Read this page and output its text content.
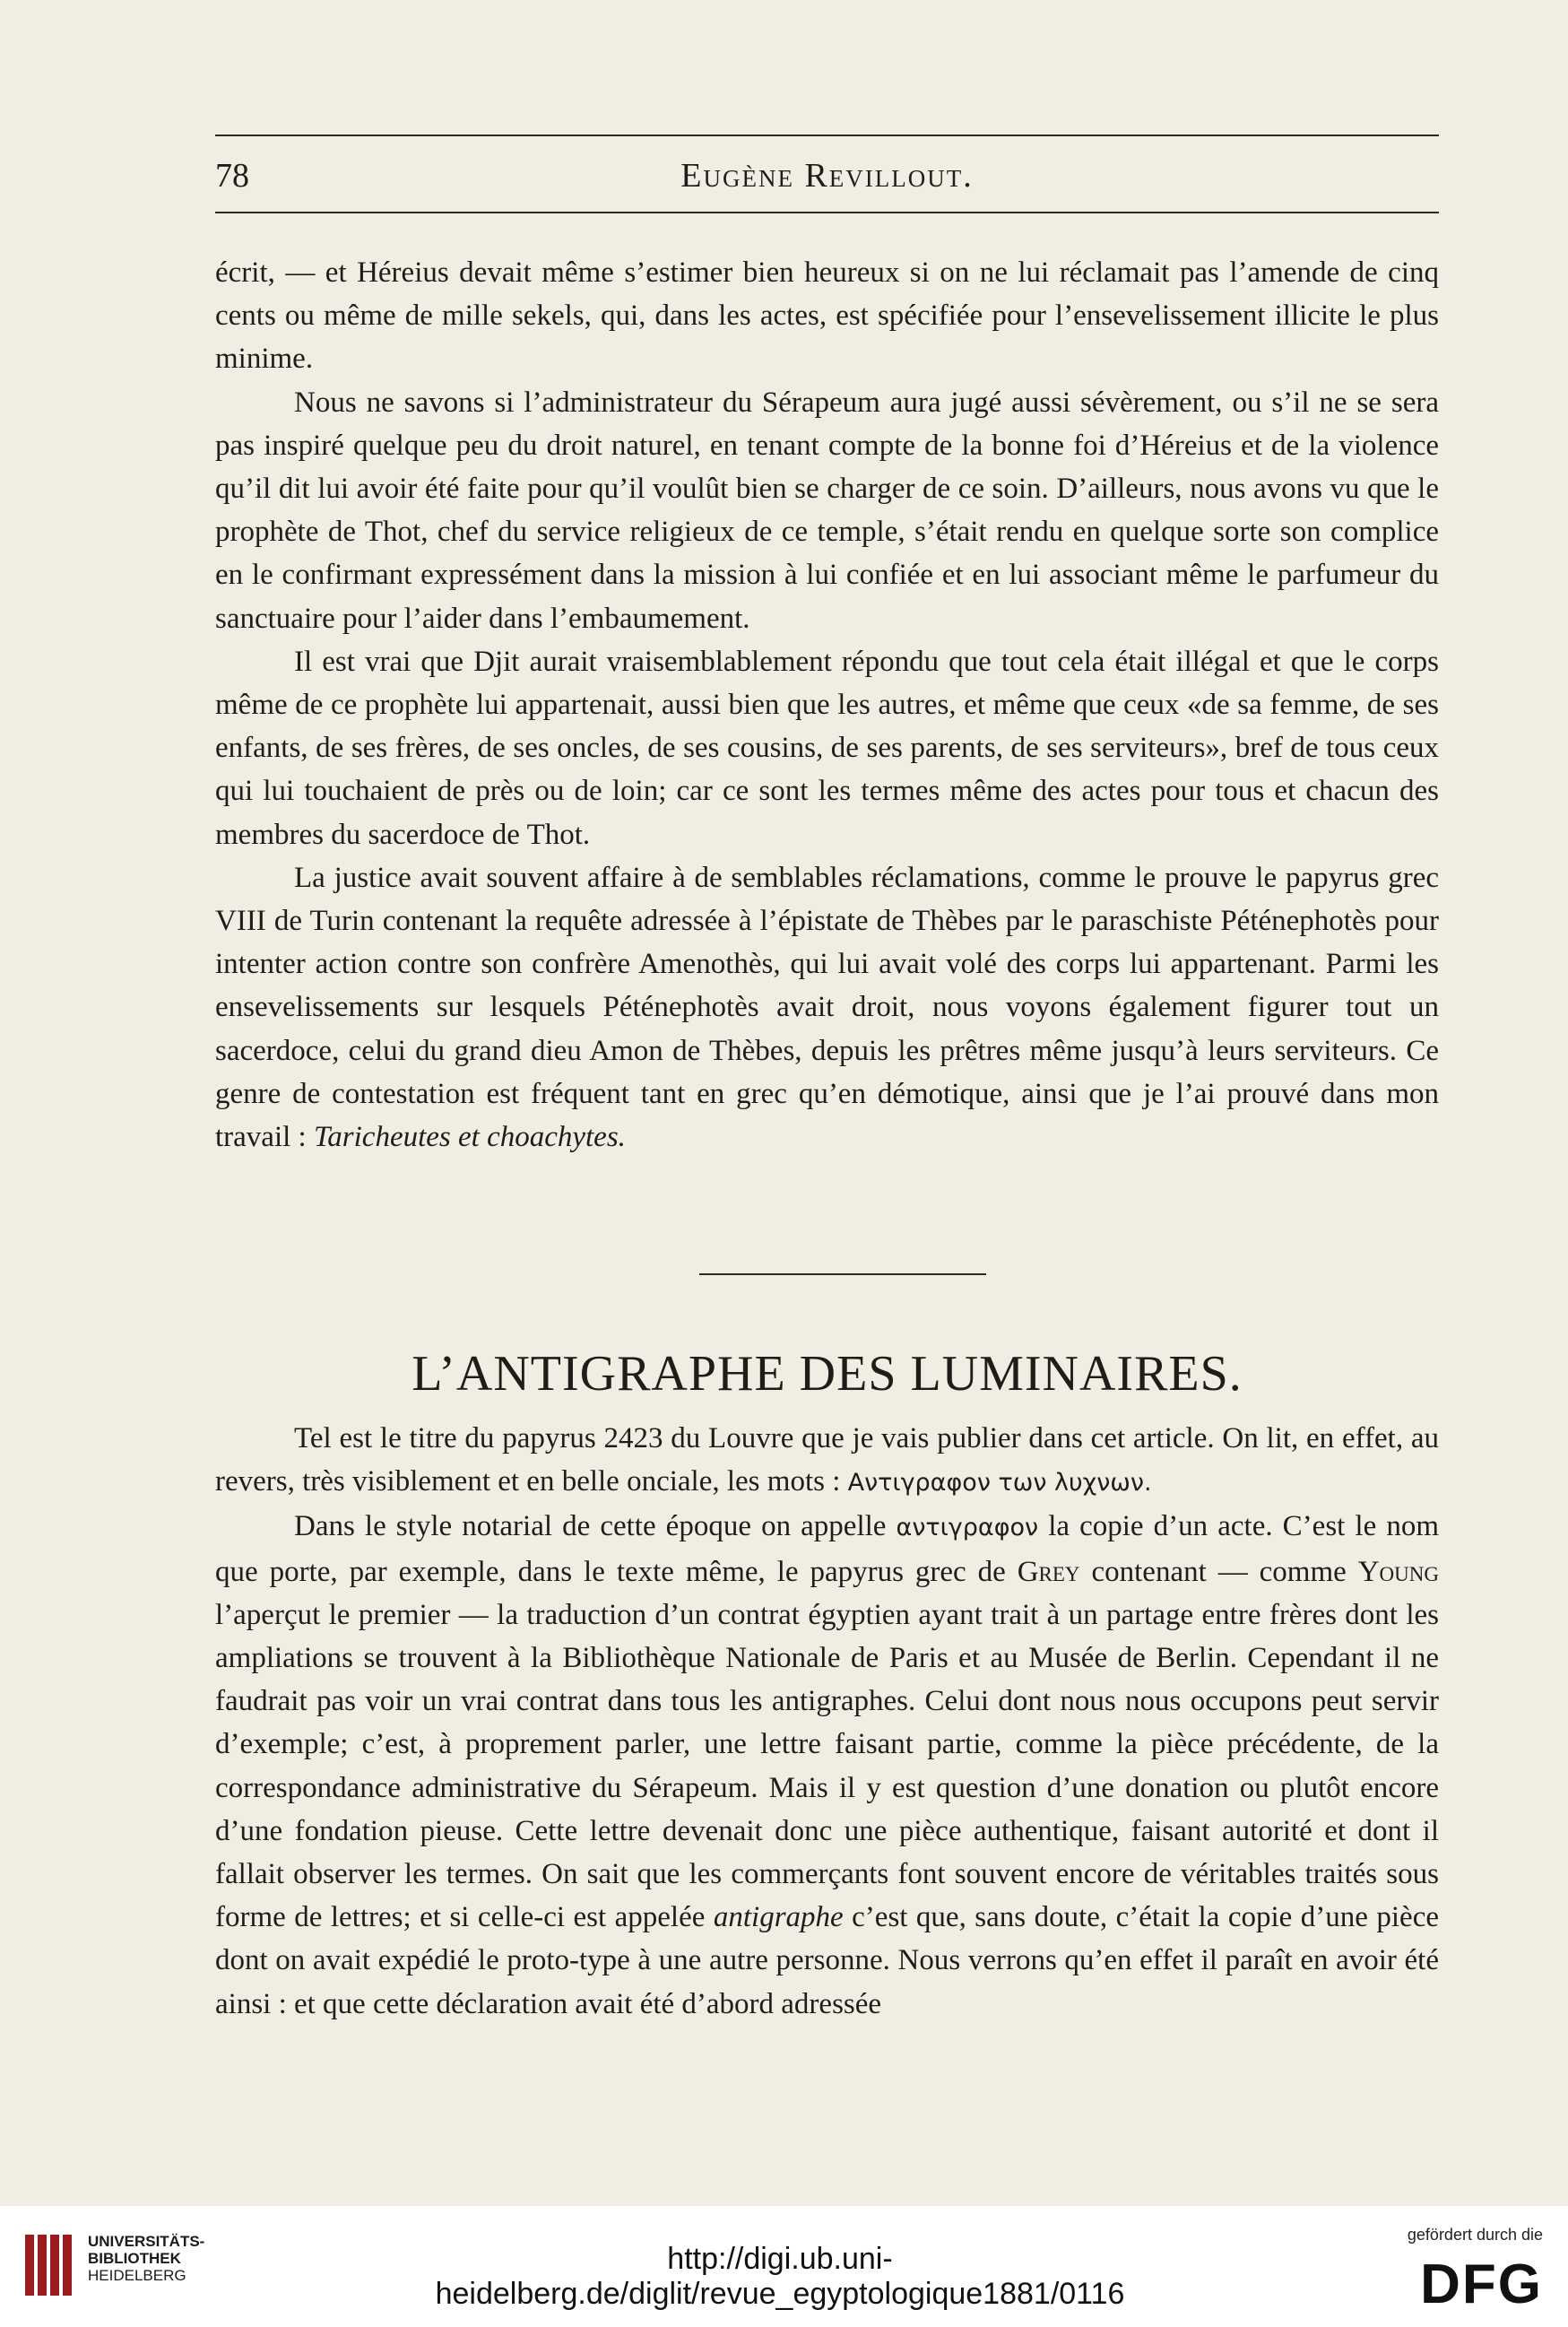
78	Eugène Revillout.

écrit, — et Héreius devait même s’estimer bien heureux si on ne lui réclamait pas l’amende de cinq cents ou même de mille sekels, qui, dans les actes, est spécifiée pour l’ensevelissement illicite le plus minime.

Nous ne savons si l’administrateur du Sérapeum aura jugé aussi sévèrement, ou s’il ne se sera pas inspiré quelque peu du droit naturel, en tenant compte de la bonne foi d’Héreius et de la violence qu’il dit lui avoir été faite pour qu’il voulût bien se charger de ce soin. D’ailleurs, nous avons vu que le prophète de Thot, chef du service religieux de ce temple, s’était rendu en quelque sorte son complice en le confirmant expressément dans la mission à lui confiée et en lui associant même le parfumeur du sanctuaire pour l’aider dans l’embaumement.

Il est vrai que Djit aurait vraisemblablement répondu que tout cela était illégal et que le corps même de ce prophète lui appartenait, aussi bien que les autres, et même que ceux «de sa femme, de ses enfants, de ses frères, de ses oncles, de ses cousins, de ses parents, de ses serviteurs», bref de tous ceux qui lui touchaient de près ou de loin; car ce sont les termes même des actes pour tous et chacun des membres du sacerdoce de Thot.

La justice avait souvent affaire à de semblables réclamations, comme le prouve le papyrus grec VIII de Turin contenant la requête adressée à l’épistate de Thèbes par le paraschiste Péténephotès pour intenter action contre son confrère Amenothès, qui lui avait volé des corps lui appartenant. Parmi les ensevelissements sur lesquels Péténephotès avait droit, nous voyons également figurer tout un sacerdoce, celui du grand dieu Amon de Thèbes, depuis les prêtres même jusqu’à leurs serviteurs. Ce genre de contestation est fréquent tant en grec qu’en démotique, ainsi que je l’ai prouvé dans mon travail : Taricheutes et choachytes.

L’ANTIGRAPHE DES LUMINAIRES.

Tel est le titre du papyrus 2423 du Louvre que je vais publier dans cet article. On lit, en effet, au revers, très visiblement et en belle onciale, les mots : Αντιγραφον των λυχνων.

Dans le style notarial de cette époque on appelle αντιγραφον la copie d’un acte. C’est le nom que porte, par exemple, dans le texte même, le papyrus grec de Grey contenant — comme Young l’aperçut le premier — la traduction d’un contrat égyptien ayant trait à un partage entre frères dont les ampliations se trouvent à la Bibliothèque Nationale de Paris et au Musée de Berlin. Cependant il ne faudrait pas voir un vrai contrat dans tous les antigraphes. Celui dont nous nous occupons peut servir d’exemple; c’est, à proprement parler, une lettre faisant partie, comme la pièce précédente, de la correspondance administrative du Sérapeum. Mais il y est question d’une donation ou plutôt encore d’une fondation pieuse. Cette lettre devenait donc une pièce authentique, faisant autorité et dont il fallait observer les termes. On sait que les commerçants font souvent encore de véritables traités sous forme de lettres; et si celle-ci est appelée antigraphe c’est que, sans doute, c’était la copie d’une pièce dont on avait expédié le proto-type à une autre personne. Nous verrons qu’en effet il paraît en avoir été ainsi : et que cette déclaration avait été d’abord adressée

UNIVERSITÄTS-
BIBLIOTHEK
HEIDELBERG	http://digi.ub.uni-heidelberg.de/diglit/revue_egyptologique1881/0116
gefördert durch die
DFG
